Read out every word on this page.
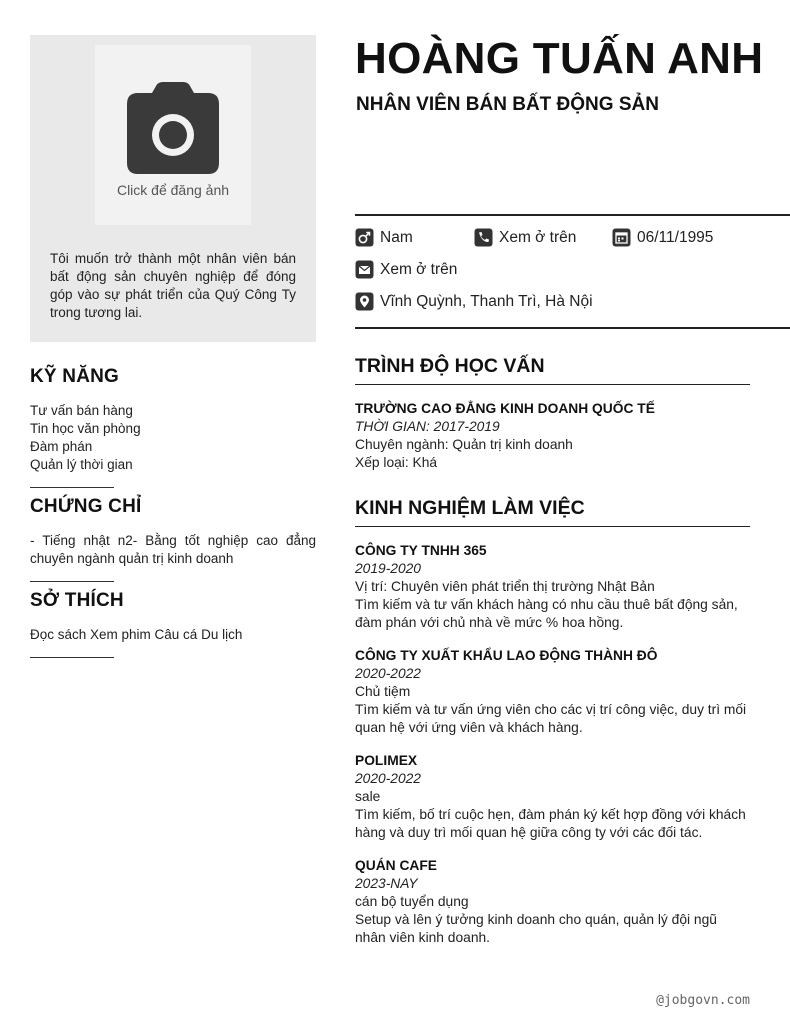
Click để đăng ảnh
Tôi muốn trở thành một nhân viên bán bất động sản chuyên nghiệp để đóng góp vào sự phát triển của Quý Công Ty trong tương lai.
KỸ NĂNG
Tư vấn bán hàng
Tin học văn phòng
Đàm phán
Quản lý thời gian
CHỨNG CHỈ
- Tiếng nhật n2- Bằng tốt nghiệp cao đẳng chuyên ngành quản trị kinh doanh
SỞ THÍCH
Đọc sách Xem phim Câu cá Du lịch
HOÀNG TUẤN ANH
NHÂN VIÊN BÁN BẤT ĐỘNG SẢN
Nam	Xem ở trên	06/11/1995
Xem ở trên
Vĩnh Quỳnh, Thanh Trì, Hà Nội
TRÌNH ĐỘ HỌC VẤN
TRƯỜNG CAO ĐẲNG KINH DOANH QUỐC TẾ
THỜI GIAN: 2017-2019
Chuyên ngành: Quản trị kinh doanh
Xếp loại: Khá
KINH NGHIỆM LÀM VIỆC
CÔNG TY TNHH 365
2019-2020
Vị trí: Chuyên viên phát triển thị trường Nhật Bản
Tìm kiếm và tư vấn khách hàng có nhu cầu thuê bất động sản, đàm phán với chủ nhà về mức % hoa hồng.
CÔNG TY XUẤT KHẨU LAO ĐỘNG THÀNH ĐÔ
2020-2022
Chủ tiệm
Tìm kiếm và tư vấn ứng viên cho các vị trí công việc, duy trì mối quan hệ với ứng viên và khách hàng.
POLIMEX
2020-2022
sale
Tìm kiếm, bố trí cuộc hẹn, đàm phán ký kết hợp đồng với khách hàng và duy trì mối quan hệ giữa công ty với các đối tác.
QUÁN CAFE
2023-NAY
cán bộ tuyển dụng
Setup và lên ý tưởng kinh doanh cho quán, quản lý đội ngũ nhân viên kinh doanh.
@jobgovn.com
